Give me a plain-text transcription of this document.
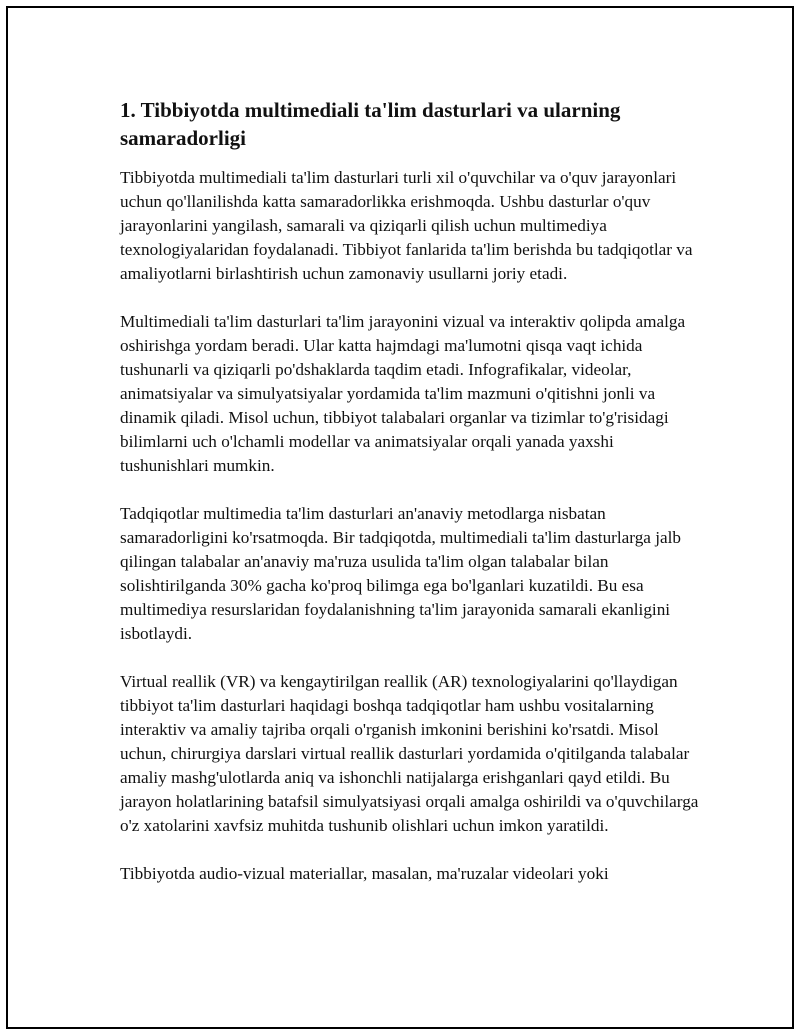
1. Tibbiyotda multimediali ta'lim dasturlari va ularning samaradorligi

Tibbiyotda multimediali ta'lim dasturlari turli xil o'quvchilar va o'quv jarayonlari uchun qo'llanilishda katta samaradorlikka erishmoqda. Ushbu dasturlar o'quv jarayonlarini yangilash, samarali va qiziqarli qilish uchun multimediya texnologiyalaridan foydalanadi. Tibbiyot fanlarida ta'lim berishda bu tadqiqotlar va amaliyotlarni birlashtirish uchun zamonaviy usullarni joriy etadi.

Multimediali ta'lim dasturlari ta'lim jarayonini vizual va interaktiv qolipda amalga oshirishga yordam beradi. Ular katta hajmdagi ma'lumotni qisqa vaqt ichida tushunarli va qiziqarli po'dshaklarda taqdim etadi. Infografikalar, videolar, animatsiyalar va simulyatsiyalar yordamida ta'lim mazmuni o'qitishni jonli va dinamik qiladi. Misol uchun, tibbiyot talabalari organlar va tizimlar to'g'risidagi bilimlarni uch o'lchamli modellar va animatsiyalar orqali yanada yaxshi tushunishlari mumkin.

Tadqiqotlar multimedia ta'lim dasturlari an'anaviy metodlarga nisbatan samaradorligini ko'rsatmoqda. Bir tadqiqotda, multimediali ta'lim dasturlarga jalb qilingan talabalar an'anaviy ma'ruza usulida ta'lim olgan talabalar bilan solishtirilganda 30% gacha ko'proq bilimga ega bo'lganlari kuzatildi. Bu esa multimediya resurslaridan foydalanishning ta'lim jarayonida samarali ekanligini isbotlaydi.

Virtual reallik (VR) va kengaytirilgan reallik (AR) texnologiyalarini qo'llaydigan tibbiyot ta'lim dasturlari haqidagi boshqa tadqiqotlar ham ushbu vositalarning interaktiv va amaliy tajriba orqali o'rganish imkonini berishini ko'rsatdi. Misol uchun, chirurgiya darslari virtual reallik dasturlari yordamida o'qitilganda talabalar amaliy mashg'ulotlarda aniq va ishonchli natijalarga erishganlari qayd etildi. Bu jarayon holatlarining batafsil simulyatsiyasi orqali amalga oshirildi va o'quvchilarga o'z xatolarini xavfsiz muhitda tushunib olishlari uchun imkon yaratildi.

Tibbiyotda audio-vizual materiallar, masalan, ma'ruzalar videolari yoki
